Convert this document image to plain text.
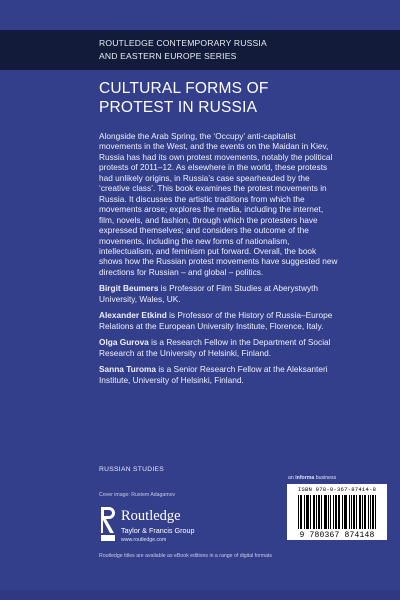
ROUTLEDGE CONTEMPORARY RUSSIA
AND EASTERN EUROPE SERIES
CULTURAL FORMS OF
PROTEST IN RUSSIA

Alongside the Arab Spring, the ‘Occupy’ anti-capitalist movements in the West, and the events on the Maidan in Kiev, Russia has had its own protest movements, notably the political protests of 2011–12. As elsewhere in the world, these protests had unlikely origins, in Russia’s case spearheaded by the ‘creative class’. This book examines the protest movements in Russia. It discusses the artistic traditions from which the movements arose; explores the media, including the internet, film, novels, and fashion, through which the protesters have expressed themselves; and considers the outcome of the movements, including the new forms of nationalism, intellectualism, and feminism put forward. Overall, the book shows how the Russian protest movements have suggested new directions for Russian – and global – politics.

Birgit Beumers is Professor of Film Studies at Aberystwyth University, Wales, UK.

Alexander Etkind is Professor of the History of Russia–Europe Relations at the European University Institute, Florence, Italy.

Olga Gurova is a Research Fellow in the Department of Social Research at the University of Helsinki, Finland.

Sanna Turoma is a Senior Research Fellow at the Aleksanteri Institute, University of Helsinki, Finland.

RUSSIAN STUDIES
an informa business
ISBN 978-0-367-87414-8
9 780367 874148
Cover image: Rustem Adagamov
Routledge
Taylor & Francis Group
www.routledge.com
Routledge titles are available as eBook editions in a range of digital formats
